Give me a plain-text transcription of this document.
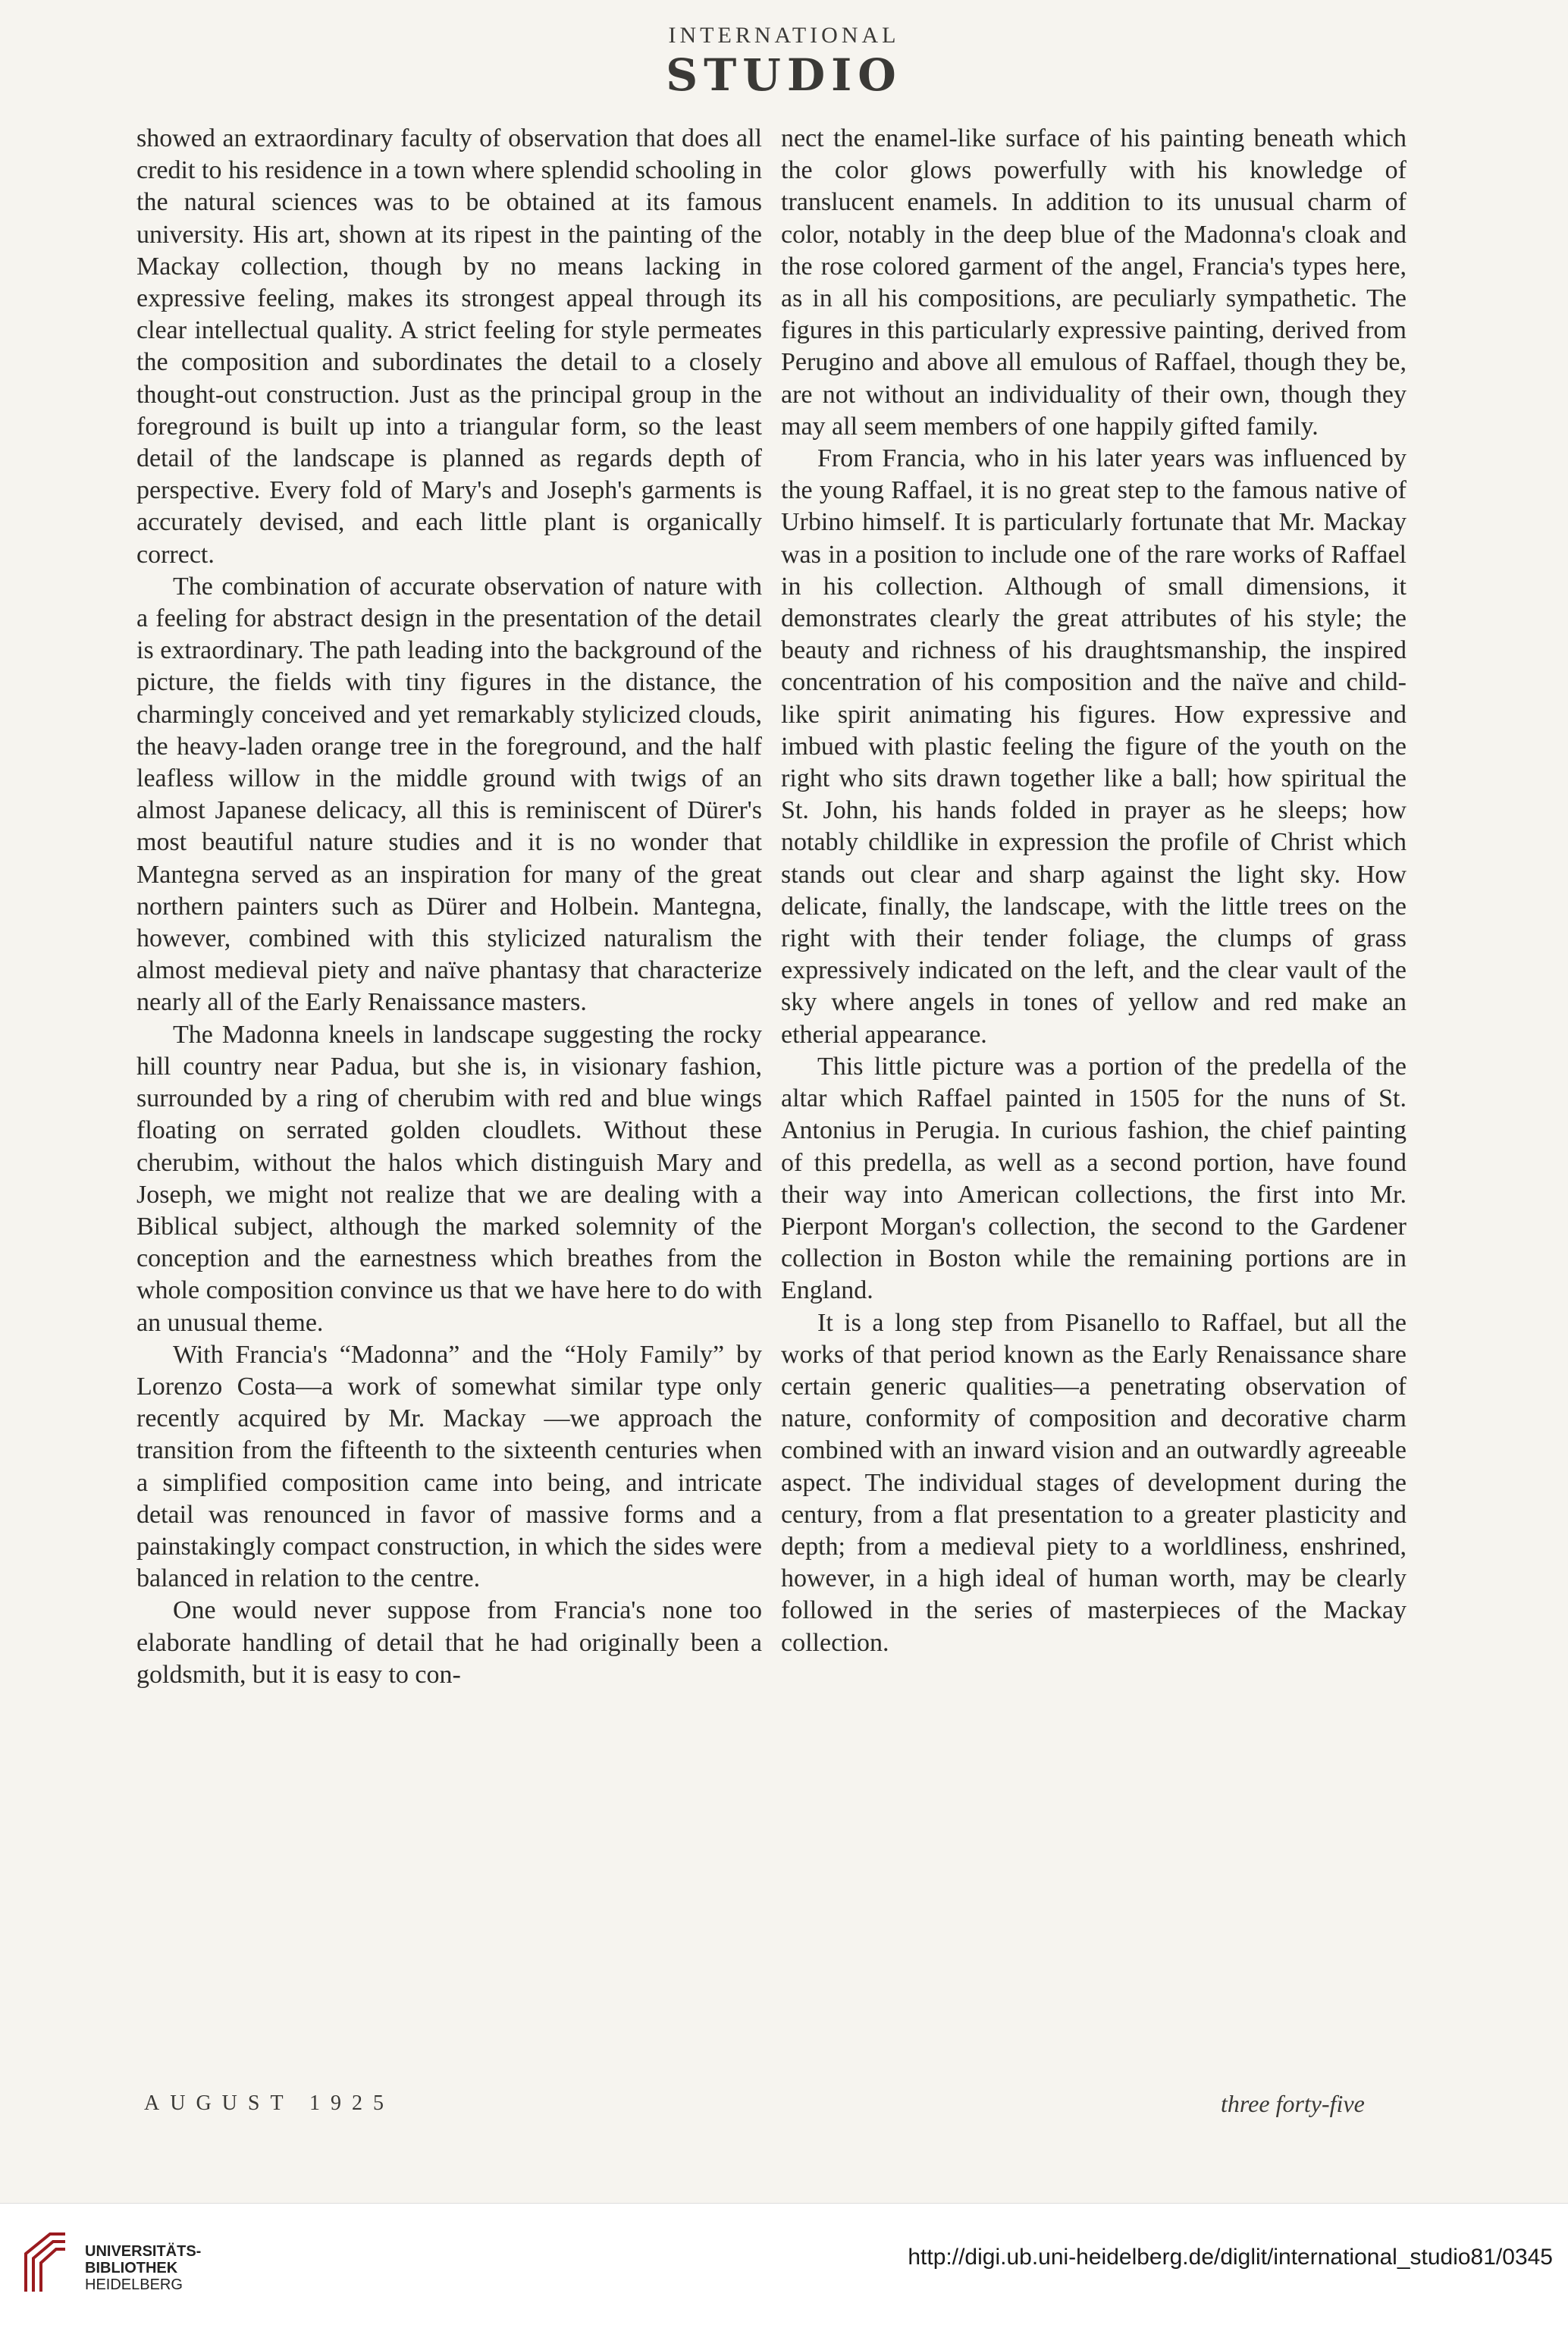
INTERNATIONAL
STUDIO

showed an extraordinary faculty of observation that does all credit to his residence in a town where splendid schooling in the natural sciences was to be obtained at its famous university. His art, shown at its ripest in the painting of the Mackay collection, though by no means lacking in expressive feeling, makes its strongest appeal through its clear intellectual quality. A strict feeling for style permeates the composition and subordinates the detail to a closely thought-out construction. Just as the principal group in the foreground is built up into a triangular form, so the least detail of the landscape is planned as regards depth of perspective. Every fold of Mary's and Joseph's garments is accurately devised, and each little plant is organically correct.

The combination of accurate observation of nature with a feeling for abstract design in the presentation of the detail is extraordinary. The path leading into the background of the picture, the fields with tiny figures in the distance, the charmingly conceived and yet remarkably stylicized clouds, the heavy-laden orange tree in the foreground, and the half leafless willow in the middle ground with twigs of an almost Japanese delicacy, all this is reminiscent of Dürer's most beautiful nature studies and it is no wonder that Mantegna served as an inspiration for many of the great northern painters such as Dürer and Holbein. Mantegna, however, combined with this stylicized naturalism the almost medieval piety and naïve phantasy that characterize nearly all of the Early Renaissance masters.

The Madonna kneels in landscape suggesting the rocky hill country near Padua, but she is, in visionary fashion, surrounded by a ring of cherubim with red and blue wings floating on serrated golden cloudlets. Without these cherubim, without the halos which distinguish Mary and Joseph, we might not realize that we are dealing with a Biblical subject, although the marked solemnity of the conception and the earnestness which breathes from the whole composition convince us that we have here to do with an unusual theme.

With Francia's “Madonna” and the “Holy Family” by Lorenzo Costa—a work of somewhat similar type only recently acquired by Mr. Mackay —we approach the transition from the fifteenth to the sixteenth centuries when a simplified composition came into being, and intricate detail was renounced in favor of massive forms and a painstakingly compact construction, in which the sides were balanced in relation to the centre.

One would never suppose from Francia's none too elaborate handling of detail that he had originally been a goldsmith, but it is easy to con-

nect the enamel-like surface of his painting beneath which the color glows powerfully with his knowledge of translucent enamels. In addition to its unusual charm of color, notably in the deep blue of the Madonna's cloak and the rose colored garment of the angel, Francia's types here, as in all his compositions, are peculiarly sympathetic. The figures in this particularly expressive painting, derived from Perugino and above all emulous of Raffael, though they be, are not without an individuality of their own, though they may all seem members of one happily gifted family.

From Francia, who in his later years was influenced by the young Raffael, it is no great step to the famous native of Urbino himself. It is particularly fortunate that Mr. Mackay was in a position to include one of the rare works of Raffael in his collection. Although of small dimensions, it demonstrates clearly the great attributes of his style; the beauty and richness of his draughtsmanship, the inspired concentration of his composition and the naïve and child-like spirit animating his figures. How expressive and imbued with plastic feeling the figure of the youth on the right who sits drawn together like a ball; how spiritual the St. John, his hands folded in prayer as he sleeps; how notably childlike in expression the profile of Christ which stands out clear and sharp against the light sky. How delicate, finally, the landscape, with the little trees on the right with their tender foliage, the clumps of grass expressively indicated on the left, and the clear vault of the sky where angels in tones of yellow and red make an etherial appearance.

This little picture was a portion of the predella of the altar which Raffael painted in 1505 for the nuns of St. Antonius in Perugia. In curious fashion, the chief painting of this predella, as well as a second portion, have found their way into American collections, the first into Mr. Pierpont Morgan's collection, the second to the Gardener collection in Boston while the remaining portions are in England.

It is a long step from Pisanello to Raffael, but all the works of that period known as the Early Renaissance share certain generic qualities—a penetrating observation of nature, conformity of composition and decorative charm combined with an inward vision and an outwardly agreeable aspect. The individual stages of development during the century, from a flat presentation to a greater plasticity and depth; from a medieval piety to a worldliness, enshrined, however, in a high ideal of human worth, may be clearly followed in the series of masterpieces of the Mackay collection.

AUGUST 1925	three forty-five
UNIVERSITÄTS-
BIBLIOTHEK
HEIDELBERG
http://digi.ub.uni-heidelberg.de/diglit/international_studio81/0345
